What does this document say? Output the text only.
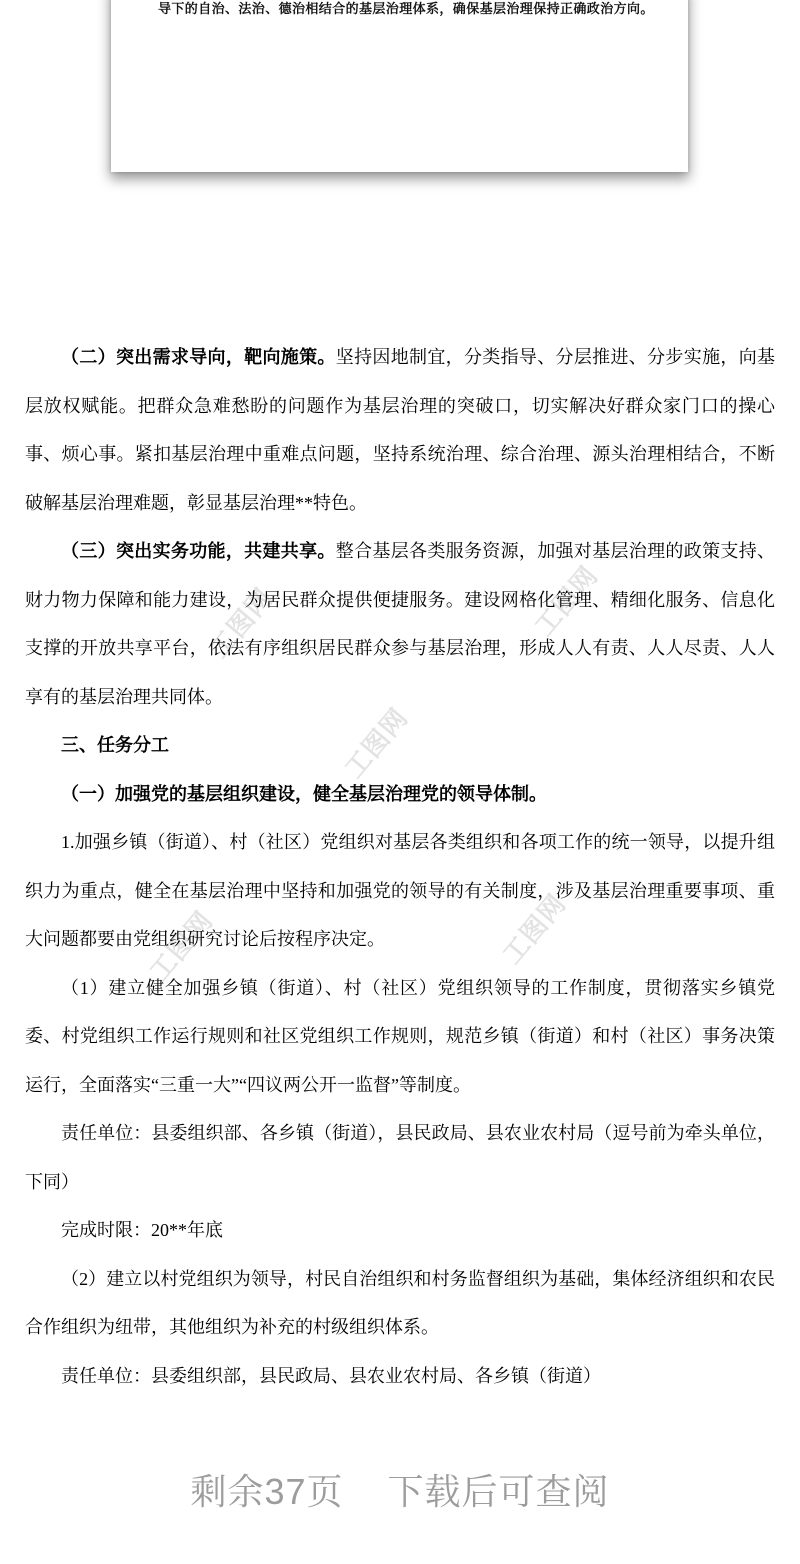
工图网	工图网
工图网
工图网	工图网
导下的自治、法治、德治相结合的基层治理体系，确保基层治理保持正确政治方向。

（二）突出需求导向，靶向施策。坚持因地制宜，分类指导、分层推进、分步实施，向基层放权赋能。把群众急难愁盼的问题作为基层治理的突破口，切实解决好群众家门口的操心事、烦心事。紧扣基层治理中重难点问题，坚持系统治理、综合治理、源头治理相结合，不断破解基层治理难题，彰显基层治理**特色。

（三）突出实务功能，共建共享。整合基层各类服务资源，加强对基层治理的政策支持、财力物力保障和能力建设，为居民群众提供便捷服务。建设网格化管理、精细化服务、信息化支撑的开放共享平台，依法有序组织居民群众参与基层治理，形成人人有责、人人尽责、人人享有的基层治理共同体。

三、任务分工

（一）加强党的基层组织建设，健全基层治理党的领导体制。

1.加强乡镇（街道）、村（社区）党组织对基层各类组织和各项工作的统一领导，以提升组织力为重点，健全在基层治理中坚持和加强党的领导的有关制度，涉及基层治理重要事项、重大问题都要由党组织研究讨论后按程序决定。

（1）建立健全加强乡镇（街道）、村（社区）党组织领导的工作制度，贯彻落实乡镇党委、村党组织工作运行规则和社区党组织工作规则，规范乡镇（街道）和村（社区）事务决策运行，全面落实“三重一大”“四议两公开一监督”等制度。

责任单位：县委组织部、各乡镇（街道），县民政局、县农业农村局（逗号前为牵头单位，下同）

完成时限：20**年底

（2）建立以村党组织为领导，村民自治组织和村务监督组织为基础，集体经济组织和农民合作组织为纽带，其他组织为补充的村级组织体系。

责任单位：县委组织部，县民政局、县农业农村局、各乡镇（街道）

剩余37页 下载后可查阅
